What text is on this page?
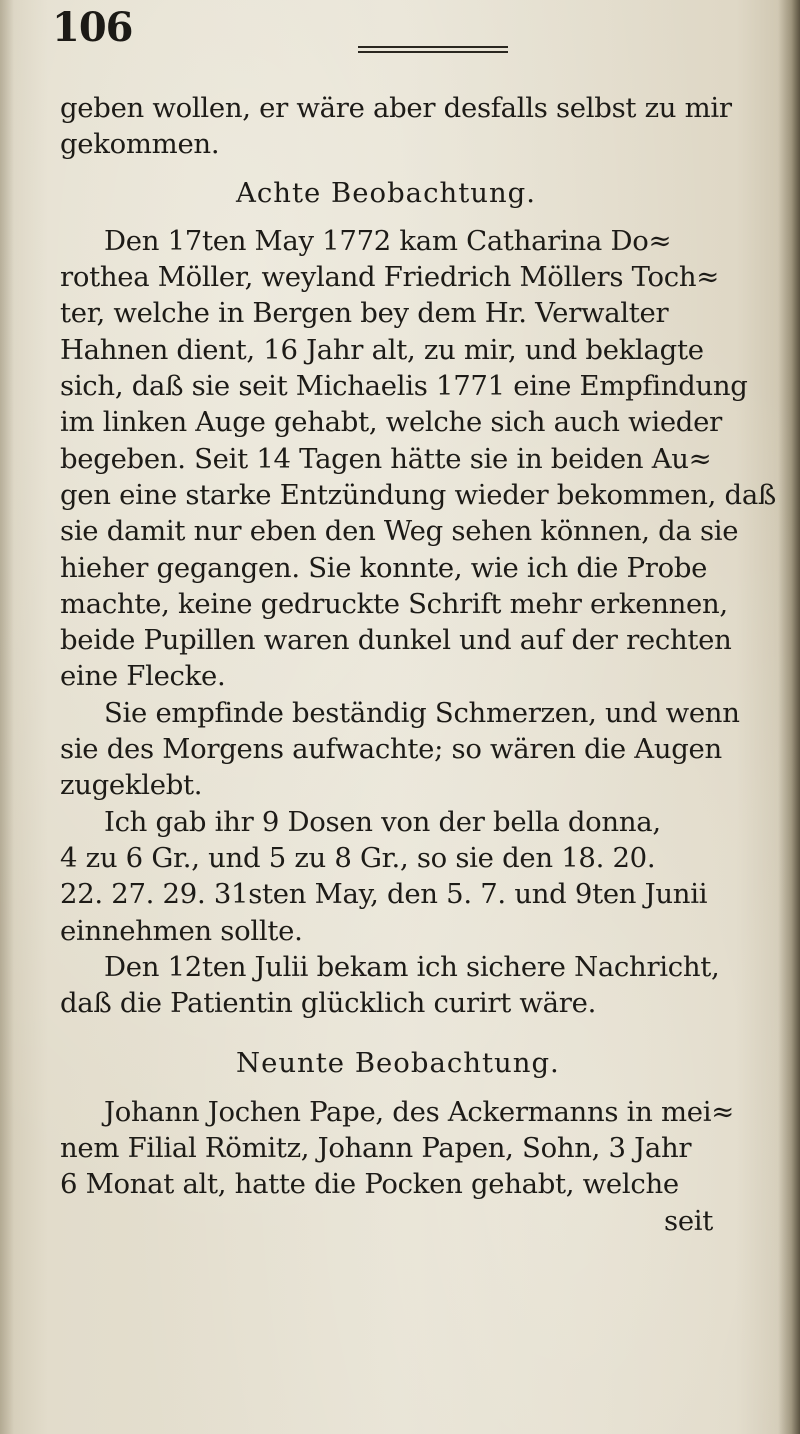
106
geben wollen, er wäre aber desfalls selbst zu mir
gekommen.
Achte Beobachtung.
Den 17ten May 1772 kam Catharina Do≈
rothea Möller, weyland Friedrich Möllers Toch≈
ter, welche in Bergen bey dem Hr. Verwalter
Hahnen dient, 16 Jahr alt, zu mir, und beklagte
sich, daß sie seit Michaelis 1771 eine Empfindung
im linken Auge gehabt, welche sich auch wieder
begeben. Seit 14 Tagen hätte sie in beiden Au≈
gen eine starke Entzündung wieder bekommen, daß
sie damit nur eben den Weg sehen können, da sie
hieher gegangen. Sie konnte, wie ich die Probe
machte, keine gedruckte Schrift mehr erkennen,
beide Pupillen waren dunkel und auf der rechten
eine Flecke.
Sie empfinde beständig Schmerzen, und wenn
sie des Morgens aufwachte; so wären die Augen
zugeklebt.
Ich gab ihr 9 Dosen von der bella donna,
4 zu 6 Gr., und 5 zu 8 Gr., so sie den 18. 20.
22. 27. 29. 31sten May, den 5. 7. und 9ten Junii
einnehmen sollte.
Den 12ten Julii bekam ich sichere Nachricht,
daß die Patientin glücklich curirt wäre.
Neunte Beobachtung.
Johann Jochen Pape, des Ackermanns in mei≈
nem Filial Römitz, Johann Papen, Sohn, 3 Jahr
6 Monat alt, hatte die Pocken gehabt, welche
seit
